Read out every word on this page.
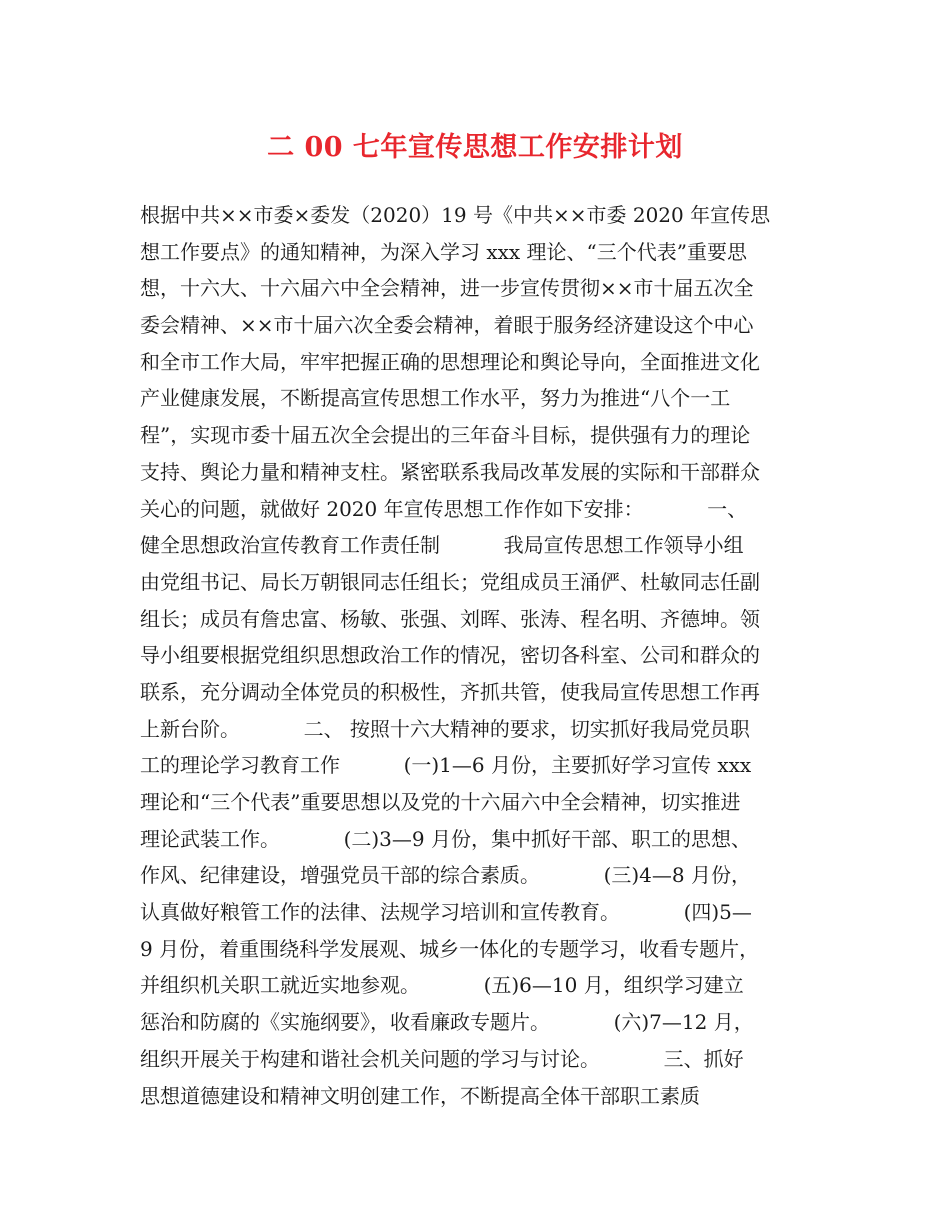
二 00 七年宣传思想工作安排计划
根据中共××市委×委发（2020）19 号《中共××市委 2020 年宣传思
想工作要点》的通知精神，为深入学习 xxx 理论、“三个代表”重要思
想，十六大、十六届六中全会精神，进一步宣传贯彻××市十届五次全
委会精神、××市十届六次全委会精神，着眼于服务经济建设这个中心
和全市工作大局，牢牢把握正确的思想理论和舆论导向，全面推进文化
产业健康发展，不断提高宣传思想工作水平，努力为推进“八个一工
程”，实现市委十届五次全会提出的三年奋斗目标，提供强有力的理论
支持、舆论力量和精神支柱。紧密联系我局改革发展的实际和干部群众
关心的问题，就做好 2020 年宣传思想工作作如下安排：          一、
健全思想政治宣传教育工作责任制          我局宣传思想工作领导小组
由党组书记、局长万朝银同志任组长；党组成员王涌俨、杜敏同志任副
组长；成员有詹忠富、杨敏、张强、刘晖、张涛、程名明、齐德坤。领
导小组要根据党组织思想政治工作的情况，密切各科室、公司和群众的
联系，充分调动全体党员的积极性，齐抓共管，使我局宣传思想工作再
上新台阶。          二、 按照十六大精神的要求，切实抓好我局党员职
工的理论学习教育工作          (一)1—6 月份，主要抓好学习宣传 xxx
理论和“三个代表”重要思想以及党的十六届六中全会精神，切实推进
理论武装工作。          (二)3—9 月份，集中抓好干部、职工的思想、
作风、纪律建设，增强党员干部的综合素质。          (三)4—8 月份，
认真做好粮管工作的法律、法规学习培训和宣传教育。          (四)5—
9 月份，着重围绕科学发展观、城乡一体化的专题学习，收看专题片，
并组织机关职工就近实地参观。          (五)6—10 月，组织学习建立
惩治和防腐的《实施纲要》，收看廉政专题片。          (六)7—12 月，
组织开展关于构建和谐社会机关问题的学习与讨论。          三、抓好
思想道德建设和精神文明创建工作，不断提高全体干部职工素质
